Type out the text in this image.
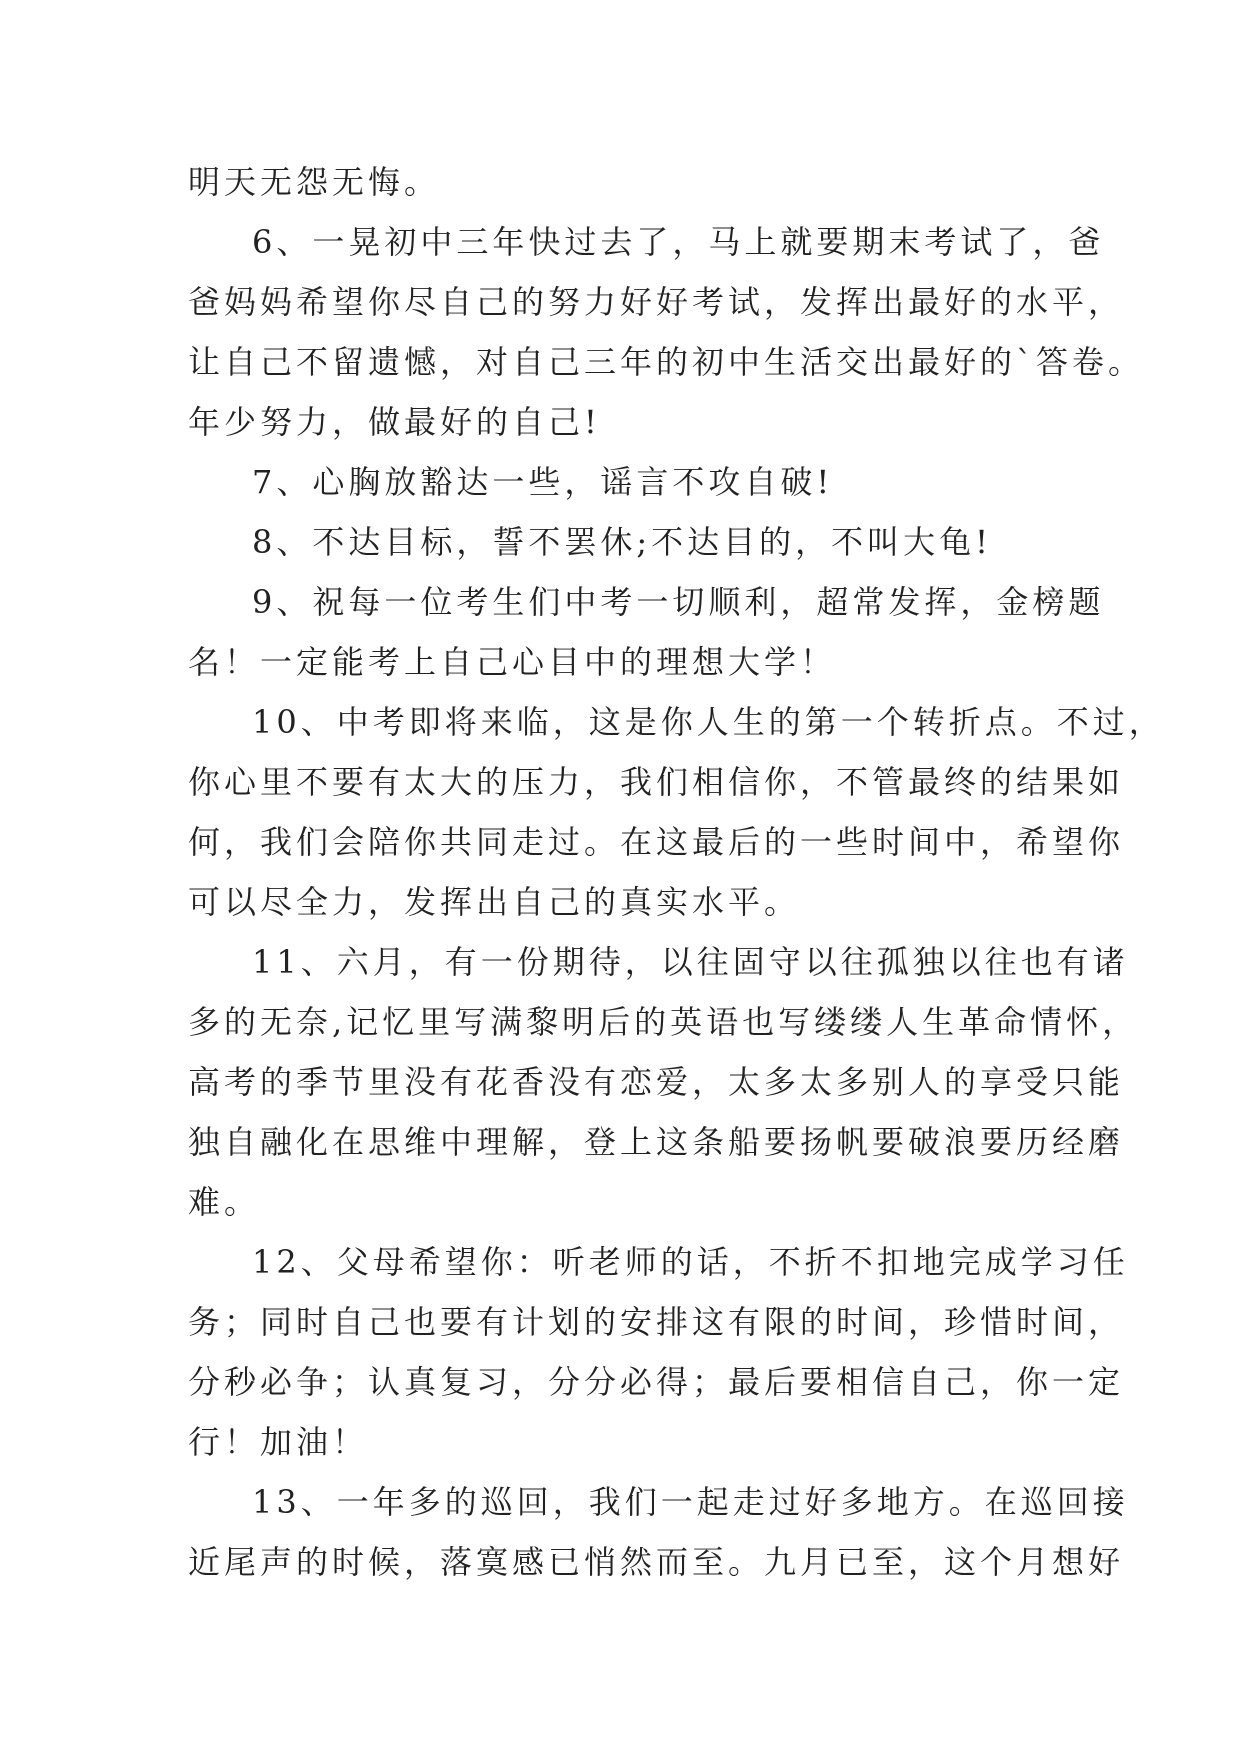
明天无怨无悔。

6、一晃初中三年快过去了，马上就要期末考试了，爸

爸妈妈希望你尽自己的努力好好考试，发挥出最好的水平，

让自己不留遗憾，对自己三年的初中生活交出最好的`答卷。

年少努力，做最好的自己!

7、心胸放豁达一些，谣言不攻自破!

8、不达目标，誓不罢休;不达目的，不叫大龟!

9、祝每一位考生们中考一切顺利，超常发挥，金榜题

名！一定能考上自己心目中的理想大学！

10、中考即将来临，这是你人生的第一个转折点。不过，

你心里不要有太大的压力，我们相信你，不管最终的结果如

何，我们会陪你共同走过。在这最后的一些时间中，希望你

可以尽全力，发挥出自己的真实水平。

11、六月，有一份期待，以往固守以往孤独以往也有诸

多的无奈,记忆里写满黎明后的英语也写缕缕人生革命情怀，

高考的季节里没有花香没有恋爱，太多太多别人的享受只能

独自融化在思维中理解，登上这条船要扬帆要破浪要历经磨

难。

12、父母希望你：听老师的话，不折不扣地完成学习任

务；同时自己也要有计划的安排这有限的时间，珍惜时间，

分秒必争；认真复习，分分必得；最后要相信自己，你一定

行！加油！

13、一年多的巡回，我们一起走过好多地方。在巡回接

近尾声的时候，落寞感已悄然而至。九月已至，这个月想好
